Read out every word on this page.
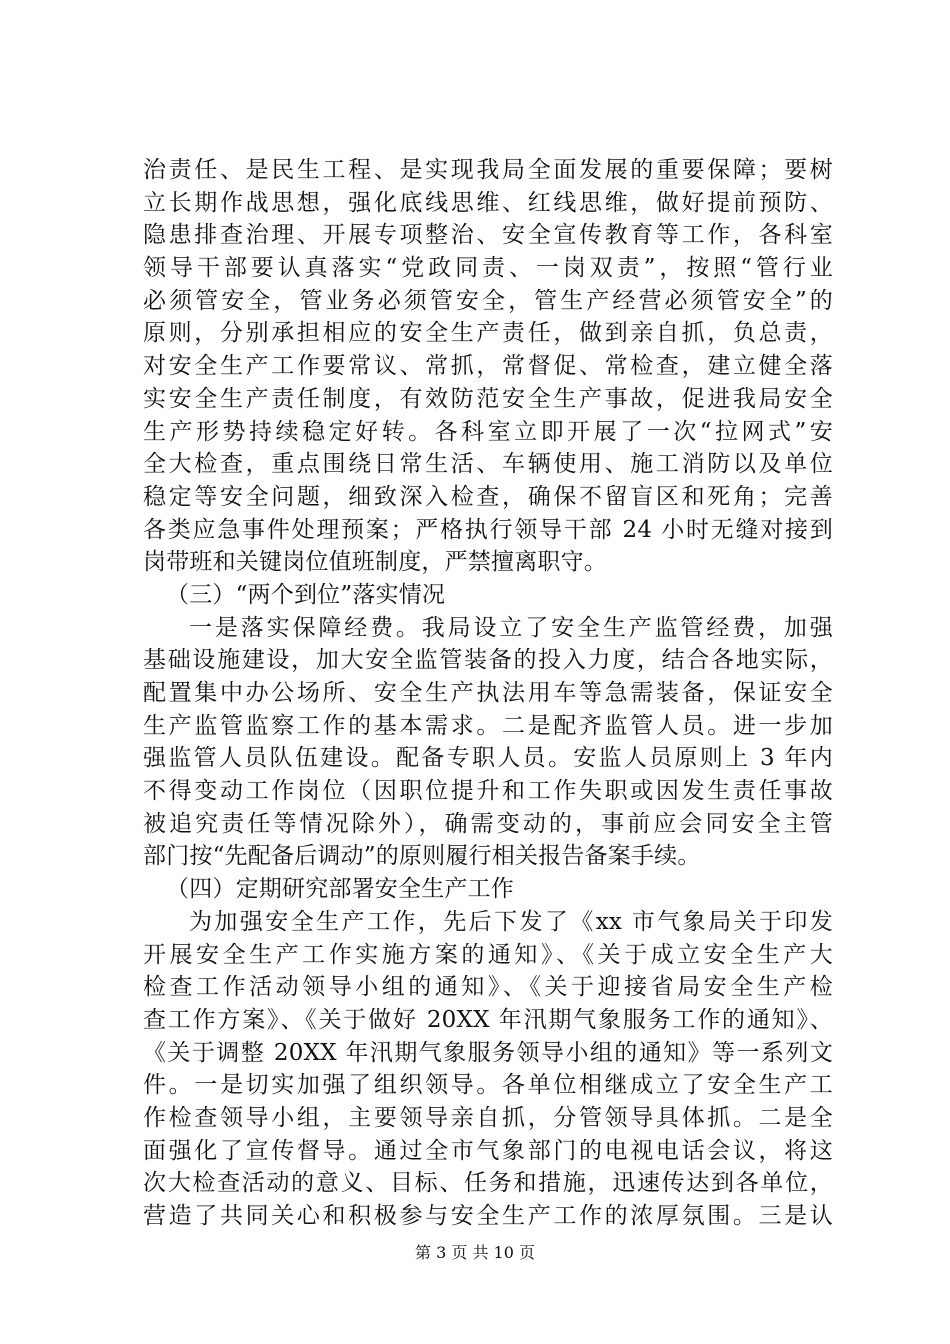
治责任、是民生工程、是实现我局全面发展的重要保障；要树
立长期作战思想，强化底线思维、红线思维，做好提前预防、
隐患排查治理、开展专项整治、安全宣传教育等工作，各科室
领导干部要认真落实“党政同责、一岗双责”，按照“管行业
必须管安全，管业务必须管安全，管生产经营必须管安全”的
原则，分别承担相应的安全生产责任，做到亲自抓，负总责，
对安全生产工作要常议、常抓，常督促、常检查，建立健全落
实安全生产责任制度，有效防范安全生产事故，促进我局安全
生产形势持续稳定好转。各科室立即开展了一次“拉网式”安
全大检查，重点围绕日常生活、车辆使用、施工消防以及单位
稳定等安全问题，细致深入检查，确保不留盲区和死角；完善
各类应急事件处理预案；严格执行领导干部 24 小时无缝对接到
岗带班和关键岗位值班制度，严禁擅离职守。
（三）“两个到位”落实情况
一是落实保障经费。我局设立了安全生产监管经费，加强
基础设施建设，加大安全监管装备的投入力度，结合各地实际，
配置集中办公场所、安全生产执法用车等急需装备，保证安全
生产监管监察工作的基本需求。二是配齐监管人员。进一步加
强监管人员队伍建设。配备专职人员。安监人员原则上 3 年内
不得变动工作岗位（因职位提升和工作失职或因发生责任事故
被追究责任等情况除外），确需变动的，事前应会同安全主管
部门按“先配备后调动”的原则履行相关报告备案手续。
（四）定期研究部署安全生产工作
为加强安全生产工作，先后下发了《xx 市气象局关于印发
开展安全生产工作实施方案的通知》、《关于成立安全生产大
检查工作活动领导小组的通知》、《关于迎接省局安全生产检
查工作方案》、《关于做好 20XX 年汛期气象服务工作的通知》、
《关于调整 20XX 年汛期气象服务领导小组的通知》等一系列文
件。一是切实加强了组织领导。各单位相继成立了安全生产工
作检查领导小组，主要领导亲自抓，分管领导具体抓。二是全
面强化了宣传督导。通过全市气象部门的电视电话会议，将这
次大检查活动的意义、目标、任务和措施，迅速传达到各单位，
营造了共同关心和积极参与安全生产工作的浓厚氛围。三是认
第 3 页 共 10 页
